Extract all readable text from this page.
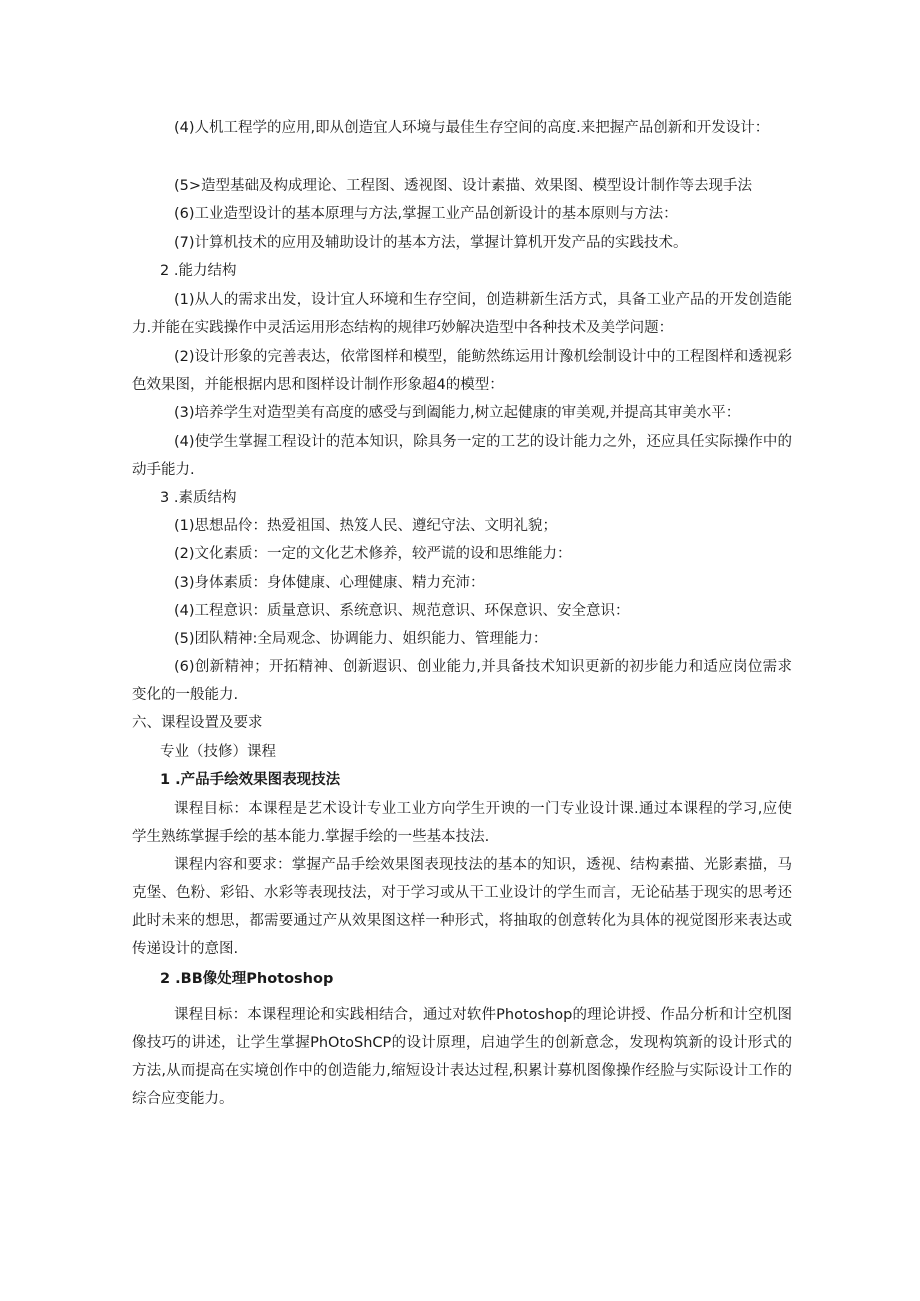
(4)人机工程学的应用,即从创造宜人环境与最佳生存空间的高度.来把握产品创新和开发设计：

(5>造型基础及构成理论、工程图、透视图、设计素描、效果图、模型设计制作等去现手法

(6)工业造型设计的基本原理与方法,掌握工业产品创新设计的基本原则与方法：

(7)计算机技术的应用及辅助设计的基本方法，掌握计算机开发产品的实践技术。

2 .能力结构

(1)从人的需求出发，设计宜人环境和生存空间，创造耕新生活方式，具备工业产品的开发创造能力.并能在实践操作中灵活运用形态结构的规律巧妙解决造型中各种技术及美学问题：

(2)设计形象的完善表达，依常图样和模型，能鲂然练运用计豫机绘制设计中的工程图样和透视彩色效果图，并能根据内思和图样设计制作形象超4的模型：

(3)培养学生对造型美有高度的感受与到阖能力,树立起健康的审美观,并提高其审美水平：

(4)使学生掌握工程设计的范本知识，除具务一定的工艺的设计能力之外，还应具任实际操作中的动手能力.

3 .素质结构

(1)思想品伶：热爱祖国、热笈人民、遵纪守法、文明礼貌；

(2)文化素质：一定的文化艺术修养，较严谎的设和思维能力：

(3)身体素质：身体健康、心理健康、精力充沛：

(4)工程意识：质量意识、系统意识、规范意识、环保意识、安全意识：

(5)团队精神:全局观念、协调能力、姐织能力、管理能力：

(6)创新精神；开拓精神、创新遐识、创业能力,并具备技术知识更新的初步能力和适应岗位需求变化的一般能力.

六、课程设置及要求

专业（技修）课程

1 .产品手绘效果图表现技法

课程目标：本课程是艺术设计专业工业方向学生开谀的一门专业设计课.通过本课程的学习,应使学生熟练掌握手绘的基本能力.掌握手绘的一些基本技法.

课程内容和要求：掌握产品手绘效果图表现技法的基本的知识，透视、结构素描、光影素描，马克堡、色粉、彩铅、水彩等表现技法，对于学习或从干工业设计的学生而言，无论砧基于现实的思考还此时未来的想思，都需要通过产从效果图这样一种形式，将抽取的创意转化为具体的视觉图形来表达或传递设计的意图.

2 .BB像处理Photoshop

课程目标：本课程理论和实践相结合，通过对软件Photoshop的理论讲授、作品分析和计空机图像技巧的讲述，让学生掌握PhOtoShCP的设计原理，启迪学生的创新意念，发现构筑新的设计形式的方法,从而提高在实境创作中的创造能力,缩短设计表达过程,积累计募机图像操作经脸与实际设计工作的综合应变能力。
